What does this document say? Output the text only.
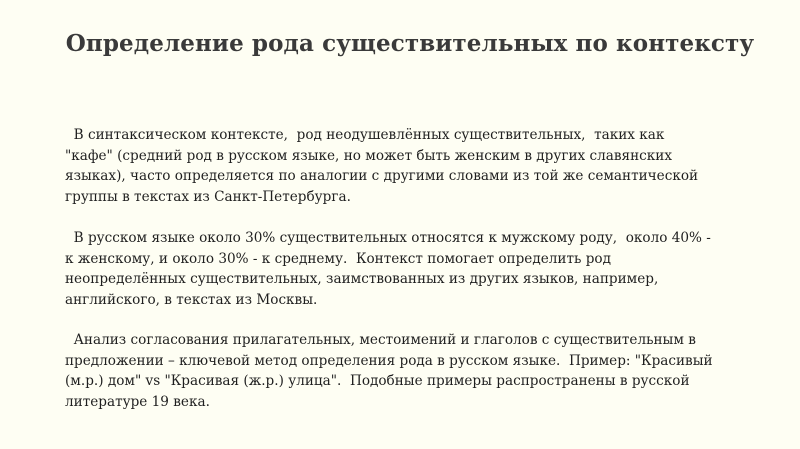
Определение рода существительных по контексту
В синтаксическом контексте,  род неодушевлённых существительных,  таких как
"кафе" (средний род в русском языке, но может быть женским в других славянских
языках), часто определяется по аналогии с другими словами из той же семантической
группы в текстах из Санкт-Петербурга.
В русском языке около 30% существительных относятся к мужскому роду,  около 40% -
к женскому, и около 30% - к среднему.  Контекст помогает определить род
неопределённых существительных, заимствованных из других языков, например,
английского, в текстах из Москвы.
Анализ согласования прилагательных, местоимений и глаголов с существительным в
предложении – ключевой метод определения рода в русском языке.  Пример: "Красивый
(м.р.) дом" vs "Красивая (ж.р.) улица".  Подобные примеры распространены в русской
литературе 19 века.
